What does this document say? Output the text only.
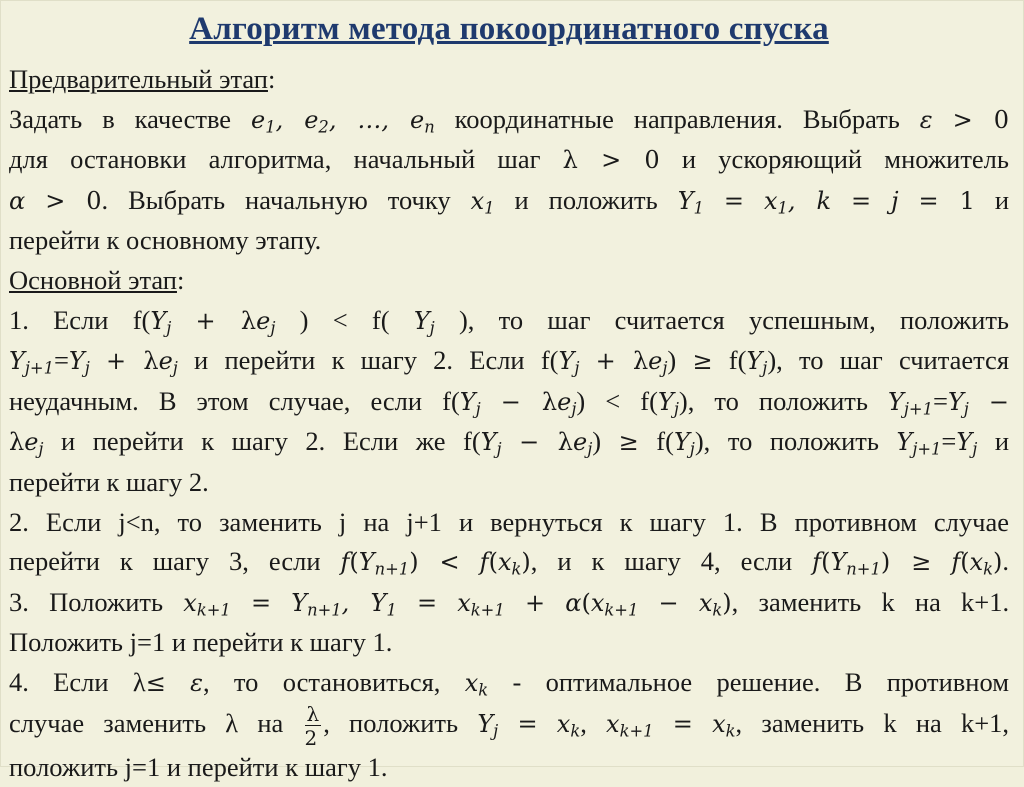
Алгоритм метода покоординатного спуска

Предварительный этап:

Задать в качестве $e_1$, $e_2$, …, $e_n$ координатные направления. Выбрать ε > 0

для остановки алгоритма, начальный шаг λ > 0 и ускоряющий множитель

α > 0. Выбрать начальную точку $x_1$ и положить $Y_1 = x_1$, k = j = 1 и

перейти к основному этапу.

Основной этап:

1. Если $f(Y_j + \lambda e_j$ ) < f( $Y_j$ ), то шаг считается успешным, положить

$Y_{j+1}=Y_j + \lambda e_j$ и перейти к шагу 2. Если $f(Y_j + \lambda e_j) \ge f(Y_j)$, то шаг считается

неудачным. В этом случае, если $f(Y_j - \lambda e_j) < f(Y_j)$, то положить $Y_{j+1}=Y_j$ −

$\lambda e_j$ и перейти к шагу 2. Если же $f(Y_j - \lambda e_j) \ge f(Y_j)$, то положить $Y_{j+1}=Y_j$ и

перейти к шагу 2.

2. Если j<n, то заменить j на j+1 и вернуться к шагу 1. В противном случае

перейти к шагу 3, если $f(Y_{n+1}) < f(x_k)$, и к шагу 4, если $f(Y_{n+1}) \ge f(x_k)$.

3. Положить $x_{k+1} = Y_{n+1}$, $Y_1 = x_{k+1} + \alpha(x_{k+1} - x_k)$, заменить k на k+1.

Положить j=1 и перейти к шагу 1.

4. Если λ≤ ε, то остановиться, $x_k$ - оптимальное решение. В противном

случае заменить λ на $\frac{\lambda}{2}$ , положить $Y_j = x_k$, $x_{k+1} = x_k$, заменить k на k+1,

положить j=1 и перейти к шагу 1.
